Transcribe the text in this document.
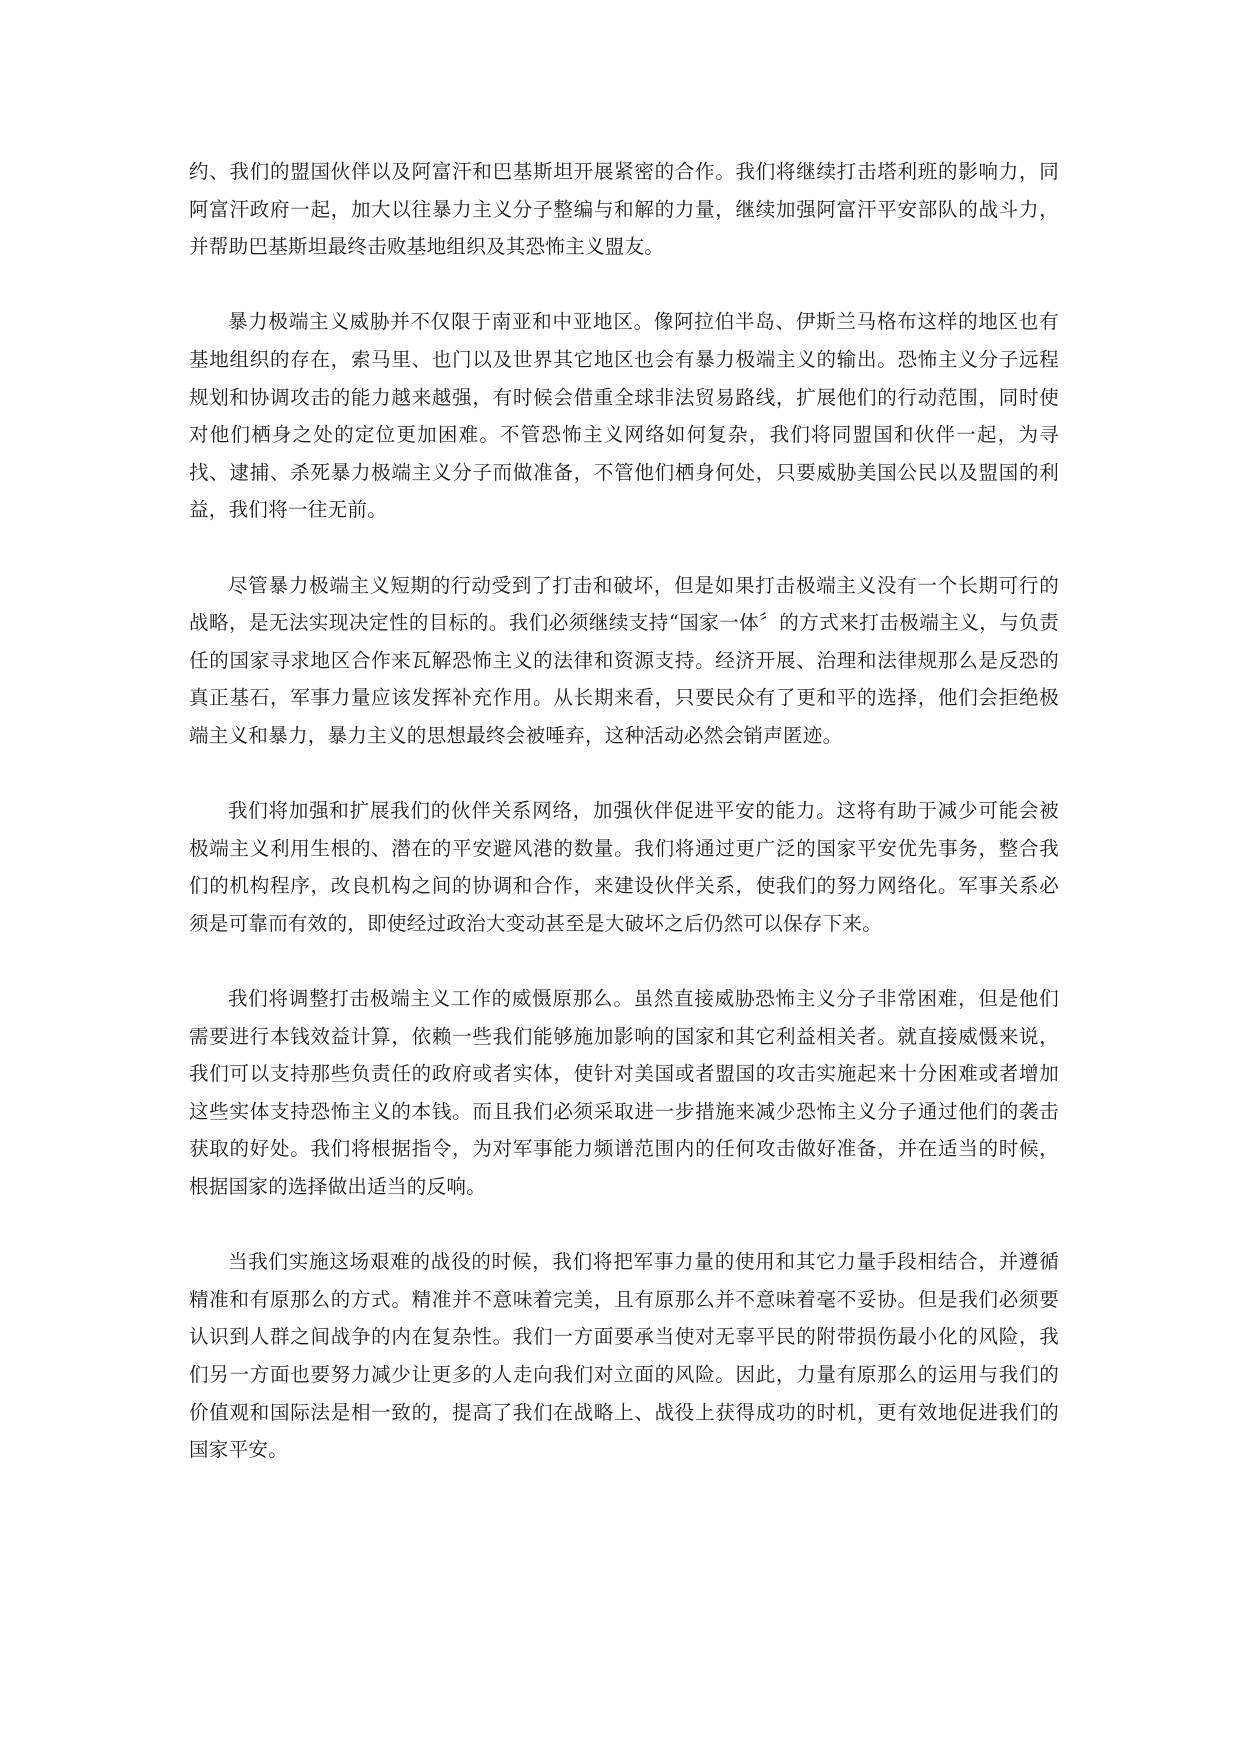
约、我们的盟国伙伴以及阿富汗和巴基斯坦开展紧密的合作。我们将继续打击塔利班的影响力，同阿富汗政府一起，加大以往暴力主义分子整编与和解的力量，继续加强阿富汗平安部队的战斗力，并帮助巴基斯坦最终击败基地组织及其恐怖主义盟友。

暴力极端主义威胁并不仅限于南亚和中亚地区。像阿拉伯半岛、伊斯兰马格布这样的地区也有基地组织的存在，索马里、也门以及世界其它地区也会有暴力极端主义的输出。恐怖主义分子远程规划和协调攻击的能力越来越强，有时候会借重全球非法贸易路线，扩展他们的行动范围，同时使对他们栖身之处的定位更加困难。不管恐怖主义网络如何复杂，我们将同盟国和伙伴一起，为寻找、逮捕、杀死暴力极端主义分子而做准备，不管他们栖身何处，只要威胁美国公民以及盟国的利益，我们将一往无前。

尽管暴力极端主义短期的行动受到了打击和破坏，但是如果打击极端主义没有一个长期可行的战略，是无法实现决定性的目标的。我们必须继续支持“国家一体〞的方式来打击极端主义，与负责任的国家寻求地区合作来瓦解恐怖主义的法律和资源支持。经济开展、治理和法律规那么是反恐的真正基石，军事力量应该发挥补充作用。从长期来看，只要民众有了更和平的选择，他们会拒绝极端主义和暴力，暴力主义的思想最终会被唾弃，这种活动必然会销声匿迹。

我们将加强和扩展我们的伙伴关系网络，加强伙伴促进平安的能力。这将有助于减少可能会被极端主义利用生根的、潜在的平安避风港的数量。我们将通过更广泛的国家平安优先事务，整合我们的机构程序，改良机构之间的协调和合作，来建设伙伴关系，使我们的努力网络化。军事关系必须是可靠而有效的，即使经过政治大变动甚至是大破坏之后仍然可以保存下来。

我们将调整打击极端主义工作的威慑原那么。虽然直接威胁恐怖主义分子非常困难，但是他们需要进行本钱效益计算，依赖一些我们能够施加影响的国家和其它利益相关者。就直接威慑来说，我们可以支持那些负责任的政府或者实体，使针对美国或者盟国的攻击实施起来十分困难或者增加这些实体支持恐怖主义的本钱。而且我们必须采取进一步措施来减少恐怖主义分子通过他们的袭击获取的好处。我们将根据指令，为对军事能力频谱范围内的任何攻击做好准备，并在适当的时候，根据国家的选择做出适当的反响。

当我们实施这场艰难的战役的时候，我们将把军事力量的使用和其它力量手段相结合，并遵循精准和有原那么的方式。精准并不意味着完美，且有原那么并不意味着毫不妥协。但是我们必须要认识到人群之间战争的内在复杂性。我们一方面要承当使对无辜平民的附带损伤最小化的风险，我们另一方面也要努力减少让更多的人走向我们对立面的风险。因此，力量有原那么的运用与我们的价值观和国际法是相一致的，提高了我们在战略上、战役上获得成功的时机，更有效地促进我们的国家平安。
